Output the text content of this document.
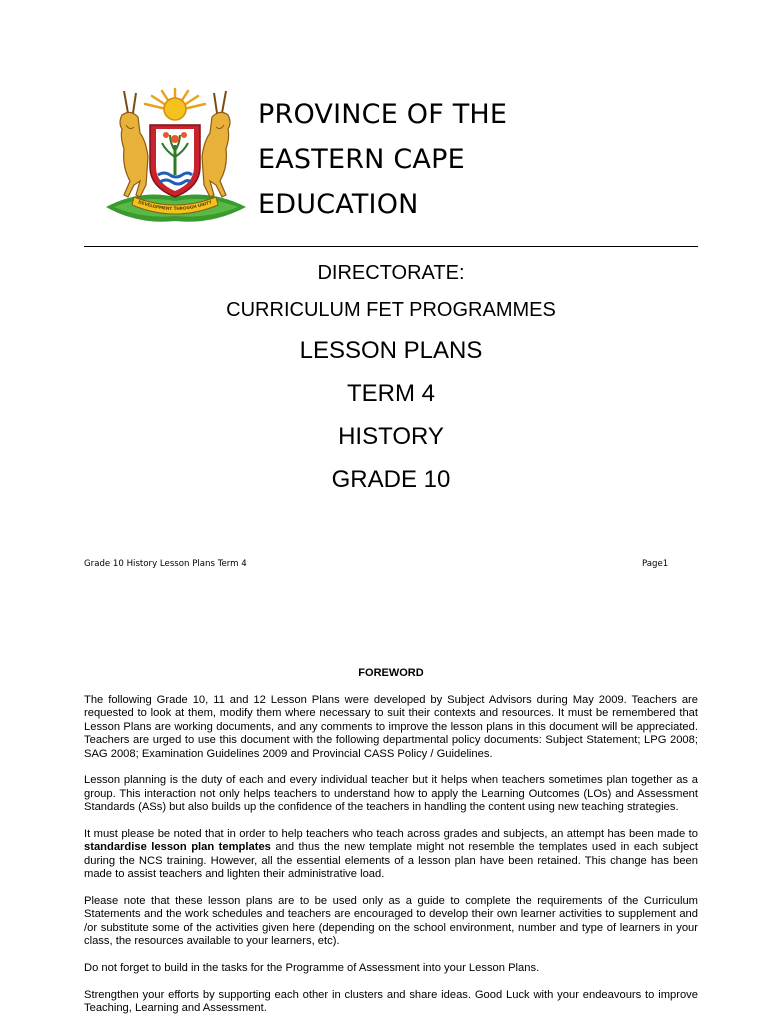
DEVELOPMENT THROUGH UNITY
PROVINCE OF THE
EASTERN CAPE
EDUCATION
DIRECTORATE:
CURRICULUM FET PROGRAMMES
LESSON PLANS
TERM 4
HISTORY
GRADE 10
Grade 10 History Lesson Plans Term 4	Page1
FOREWORD

The following Grade 10, 11 and 12 Lesson Plans were developed by Subject Advisors during May 2009. Teachers are requested to look at them, modify them where necessary to suit their contexts and resources. It must be remembered that Lesson Plans are working documents, and any comments to improve the lesson plans in this document will be appreciated. Teachers are urged to use this document with the following departmental policy documents: Subject Statement; LPG 2008; SAG 2008; Examination Guidelines 2009 and Provincial CASS Policy / Guidelines.

Lesson planning is the duty of each and every individual teacher but it helps when teachers sometimes plan together as a group. This interaction not only helps teachers to understand how to apply the Learning Outcomes (LOs) and Assessment Standards (ASs) but also builds up the confidence of the teachers in handling the content using new teaching strategies.

It must please be noted that in order to help teachers who teach across grades and subjects, an attempt has been made to standardise lesson plan templates and thus the new template might not resemble the templates used in each subject during the NCS training. However, all the essential elements of a lesson plan have been retained. This change has been made to assist teachers and lighten their administrative load.

Please note that these lesson plans are to be used only as a guide to complete the requirements of the Curriculum Statements and the work schedules and teachers are encouraged to develop their own learner activities to supplement and /or substitute some of the activities given here (depending on the school environment, number and type of learners in your class, the resources available to your learners, etc).

Do not forget to build in the tasks for the Programme of Assessment into your Lesson Plans.

Strengthen your efforts by supporting each other in clusters and share ideas. Good Luck with your endeavours to improve Teaching, Learning and Assessment.
